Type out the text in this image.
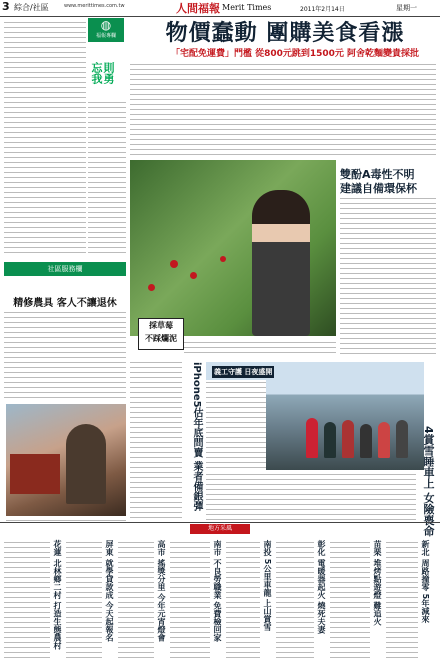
3 綜合/社區	www.merittimes.com.tw	人間福報 Merit Times	2011年2月14日	星期一
◍
福報專欄
忘我 則勇
社區服務欄
精修農具 客人不讓退休
物價蠢動 團購美食看漲
「宅配免運費」門檻 從800元跳到1500元 阿舍乾麵變貴採批
採草莓
不踩爛泥
雙酚A毒性不明
建議自備環保杯
iPhone5估年底問賣 業者備銀彈 義工守護 日夜盛開
4賞雪睡車上 女險喪命
地方采風
新北 周路撞零 5年減來
苗栗 堆烤點遊燈 難追火
彰化 電暖器起火 燒死夫妻
南投 5公里車龍 上山賞雪
南市 不良勞職業 免費檢回家
高市 搖獎分里 今年元宵燈會
屏東 就學貸款成 今天起報名
花蓮 北林鄉二村 打造生態農村
